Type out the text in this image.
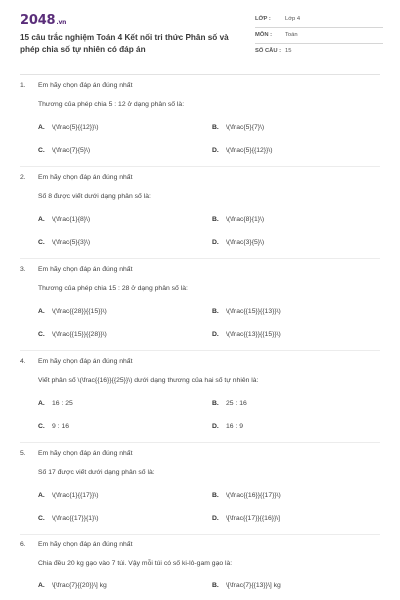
2048.vn
15 câu trắc nghiệm Toán 4 Kết nối tri thức Phân số và phép chia số tự nhiên có đáp án
LỚP : Lớp 4
MÔN : Toán
SỐ CÂU : 15
1. Em hãy chọn đáp án đúng nhất
Thương của phép chia 5 : 12 ở dạng phân số là:
A. \(\frac{5}{{12}}\)	B. \(\frac{5}{7}\)
C. \(\frac{7}{5}\)	D. \(\frac{5}{{12}}\)
2. Em hãy chọn đáp án đúng nhất
Số 8 được viết dưới dạng phân số là:
A. \(\frac{1}{8}\)	B. \(\frac{8}{1}\)
C. \(\frac{5}{3}\)	D. \(\frac{3}{5}\)
3. Em hãy chọn đáp án đúng nhất
Thương của phép chia 15 : 28 ở dạng phân số là:
A. \(\frac{{28}}{{15}}\)	B. \(\frac{{15}}{{13}}\)
C. \(\frac{{15}}{{28}}\)	D. \(\frac{{13}}{{15}}\)
4. Em hãy chọn đáp án đúng nhất
Viết phân số \(\frac{{16}}{{25}}\) dưới dạng thương của hai số tự nhiên là:
A. 16 : 25	B. 25 : 16
C. 9 : 16	D. 16 : 9
5. Em hãy chọn đáp án đúng nhất
Số 17 được viết dưới dạng phân số là:
A. \(\frac{1}{{17}}\)	B. \(\frac{{16}}{{17}}\)
C. \(\frac{{17}}{1}\)	D. \[\frac{{17}}{{16}}\]
6. Em hãy chọn đáp án đúng nhất
Chia đều 20 kg gạo vào 7 túi. Vậy mỗi túi có số ki-lô-gam gạo là:
A. \[\frac{7}{{20}}\] kg	B. \[\frac{7}{{13}}\] kg
